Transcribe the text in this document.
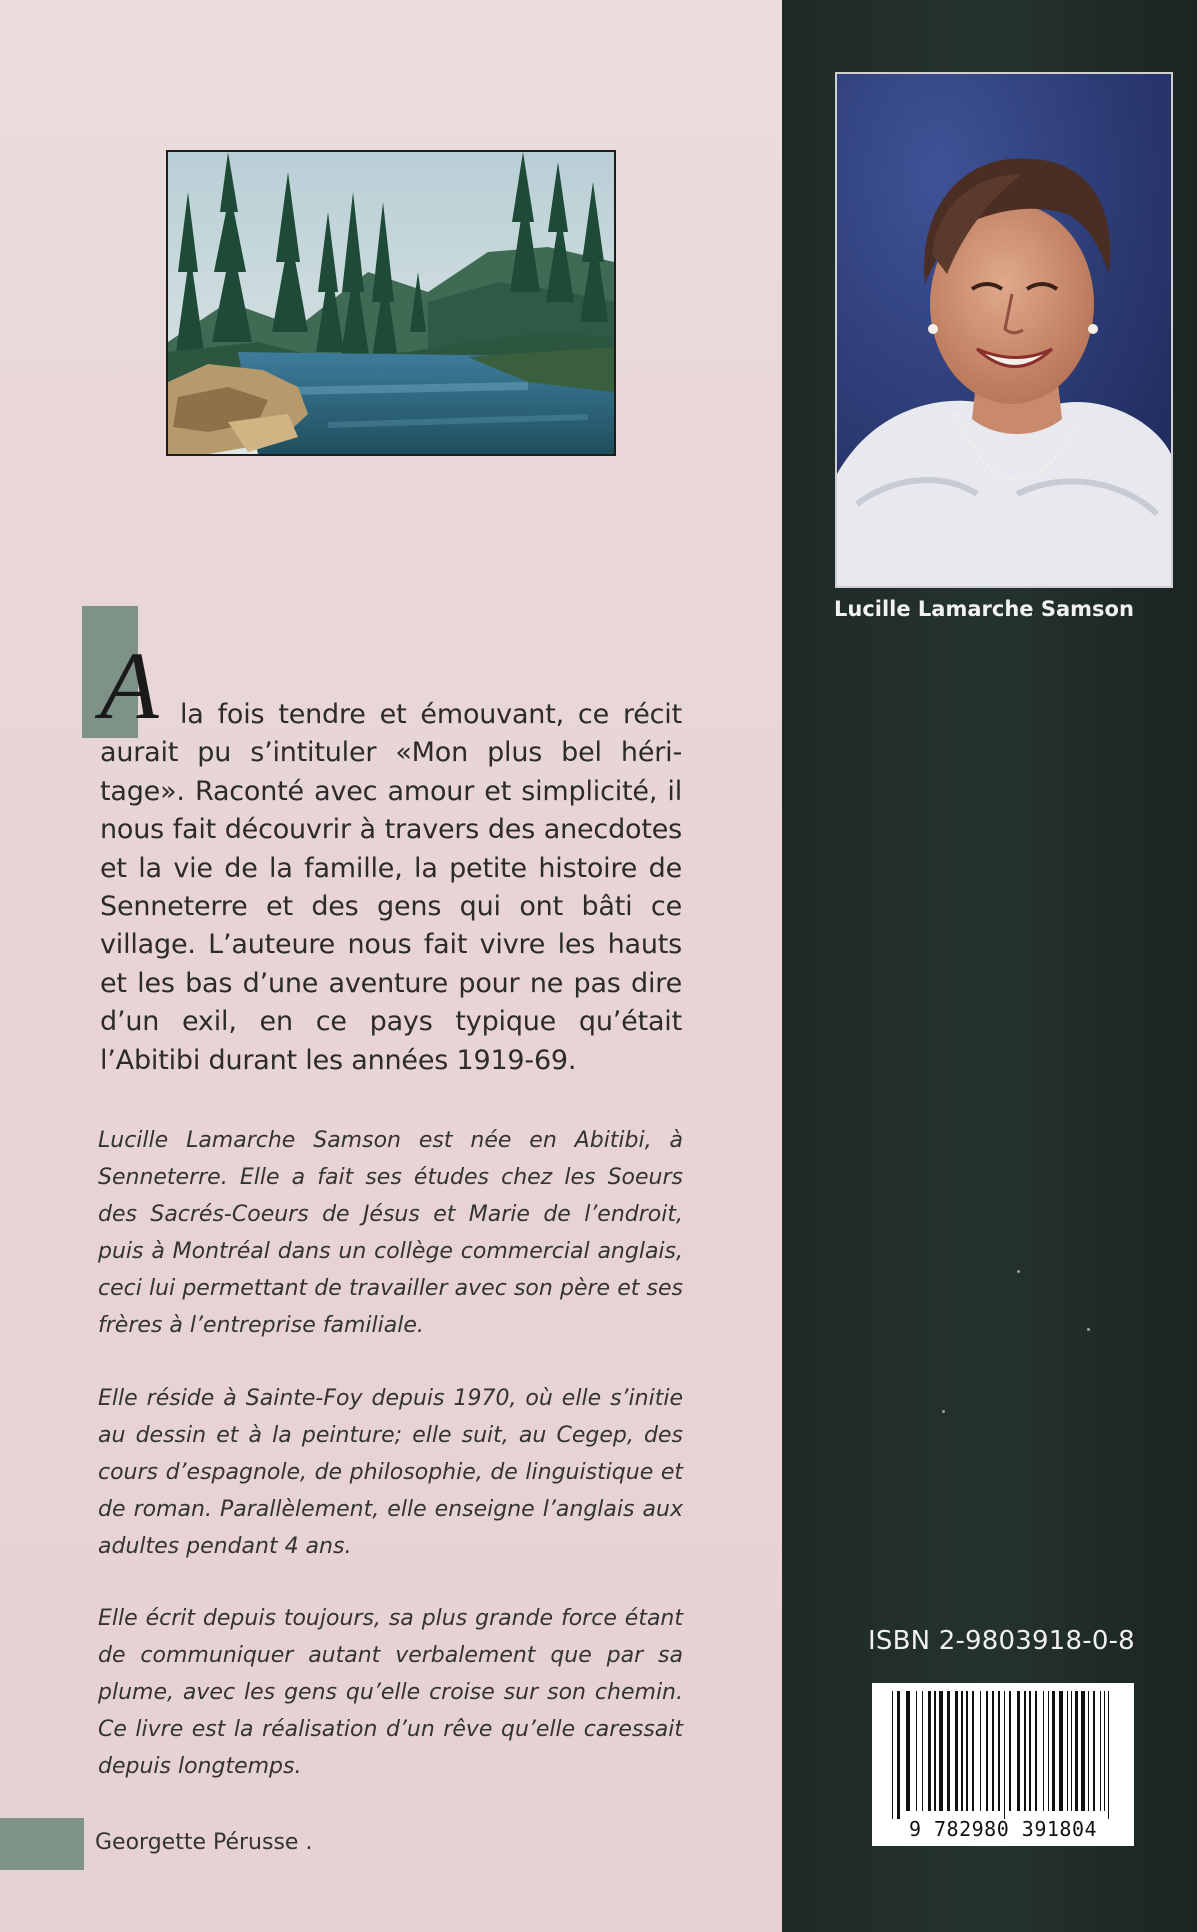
A la fois tendre et émouvant, ce récit aurait pu s’intituler «Mon plus bel héri-tage». Raconté avec amour et simplicité, il nous fait découvrir à travers des anecdotes et la vie de la famille, la petite histoire de Senneterre et des gens qui ont bâti ce village. L’auteure nous fait vivre les hauts et les bas d’une aventure pour ne pas dire d’un exil, en ce pays typique qu’était l’Abitibi durant les années 1919-69.
Lucille Lamarche Samson est née en Abitibi, à Senneterre. Elle a fait ses études chez les Soeurs des Sacrés-Coeurs de Jésus et Marie de l’endroit, puis à Montréal dans un collège commercial anglais, ceci lui permettant de travailler avec son père et ses frères à l’entreprise familiale.
Elle réside à Sainte-Foy depuis 1970, où elle s’initie au dessin et à la peinture; elle suit, au Cegep, des cours d’espagnole, de philosophie, de linguistique et de roman. Parallèlement, elle enseigne l’anglais aux adultes pendant 4 ans.
Elle écrit depuis toujours, sa plus grande force étant de communiquer autant verbalement que par sa plume, avec les gens qu’elle croise sur son chemin. Ce livre est la réalisation d’un rêve qu’elle caressait depuis longtemps.
Georgette Pérusse .
Lucille Lamarche Samson
ISBN 2-9803918-0-8
9 782980 391804
